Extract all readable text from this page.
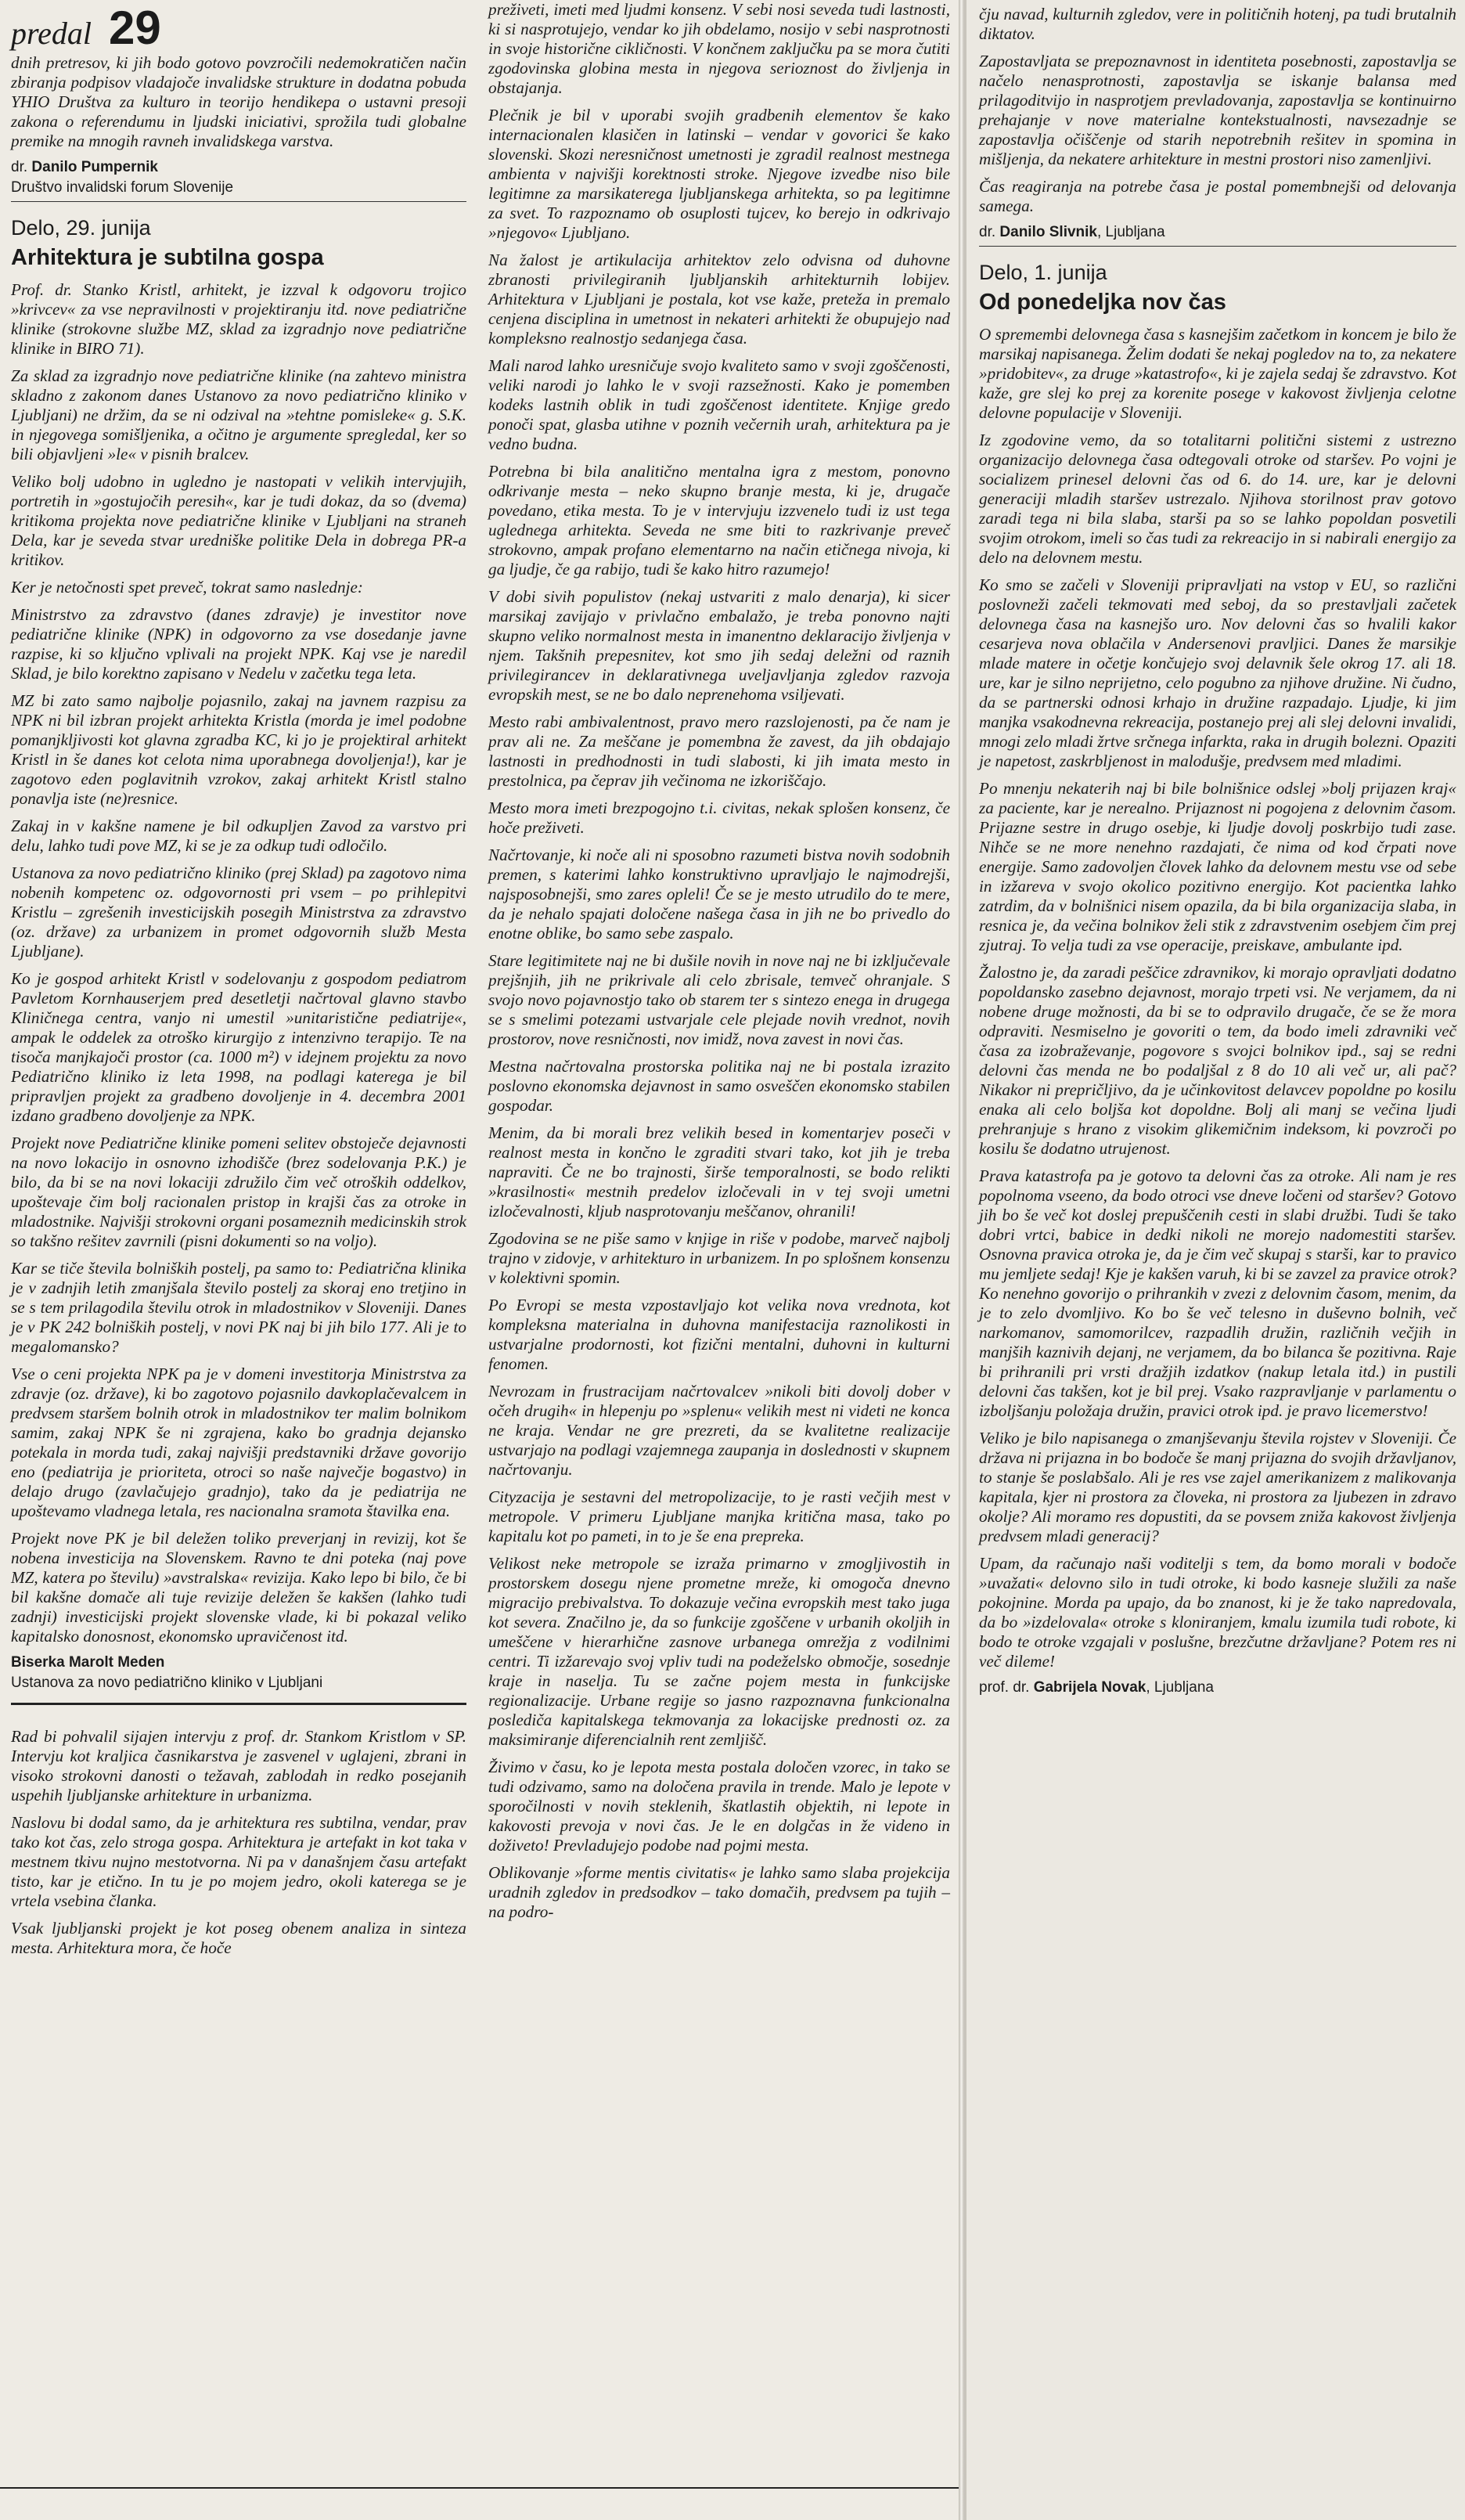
predal 29

dnih pretresov, ki jih bodo gotovo povzročili nedemokratičen način zbiranja podpisov vladajoče invalidske strukture in dodatna pobuda YHIO Društva za kulturo in teorijo hendikepa o ustavni presoji zakona o referendumu in ljudski iniciativi, sprožila tudi globalne premike na mnogih ravneh invalidskega varstva.

dr. Danilo Pumpernik
Društvo invalidski forum Slovenije
Delo, 29. junija
Arhitektura je subtilna gospa

Prof. dr. Stanko Kristl, arhitekt, je izzval k odgovoru trojico »krivcev« za vse nepravilnosti v projektiranju itd. nove pediatrične klinike (strokovne službe MZ, sklad za izgradnjo nove pediatrične klinike in BIRO 71).

Za sklad za izgradnjo nove pediatrične klinike (na zahtevo ministra skladno z zakonom danes Ustanovo za novo pediatrično kliniko v Ljubljani) ne držim, da se ni odzival na »tehtne pomisleke« g. S.K. in njegovega somišljenika, a očitno je argumente spregledal, ker so bili objavljeni »le« v pisnih bralcev.

Veliko bolj udobno in ugledno je nastopati v velikih intervjujih, portretih in »gostujočih peresih«, kar je tudi dokaz, da so (dvema) kritikoma projekta nove pediatrične klinike v Ljubljani na straneh Dela, kar je seveda stvar uredniške politike Dela in dobrega PR-a kritikov.

Ker je netočnosti spet preveč, tokrat samo naslednje:

Ministrstvo za zdravstvo (danes zdravje) je investitor nove pediatrične klinike (NPK) in odgovorno za vse dosedanje javne razpise, ki so ključno vplivali na projekt NPK. Kaj vse je naredil Sklad, je bilo korektno zapisano v Nedelu v začetku tega leta.

MZ bi zato samo najbolje pojasnilo, zakaj na javnem razpisu za NPK ni bil izbran projekt arhitekta Kristla (morda je imel podobne pomanjkljivosti kot glavna zgradba KC, ki jo je projektiral arhitekt Kristl in še danes kot celota nima uporabnega dovoljenja!), kar je zagotovo eden poglavitnih vzrokov, zakaj arhitekt Kristl stalno ponavlja iste (ne)resnice.

Zakaj in v kakšne namene je bil odkupljen Zavod za varstvo pri delu, lahko tudi pove MZ, ki se je za odkup tudi odločilo.

Ustanova za novo pediatrično kliniko (prej Sklad) pa zagotovo nima nobenih kompetenc oz. odgovornosti pri vsem – po prihlepitvi Kristlu – zgrešenih investicijskih posegih Ministrstva za zdravstvo (oz. države) za urbanizem in promet odgovornih služb Mesta Ljubljane).

Ko je gospod arhitekt Kristl v sodelovanju z gospodom pediatrom Pavletom Kornhauserjem pred desetletji načrtoval glavno stavbo Kliničnega centra, vanjo ni umestil »unitaristične pediatrije«, ampak le oddelek za otroško kirurgijo z intenzivno terapijo. Te na tisoča manjkajoči prostor (ca. 1000 m²) v idejnem projektu za novo Pediatrično kliniko iz leta 1998, na podlagi katerega je bil pripravljen projekt za gradbeno dovoljenje in 4. decembra 2001 izdano gradbeno dovoljenje za NPK.

Projekt nove Pediatrične klinike pomeni selitev obstoječe dejavnosti na novo lokacijo in osnovno izhodišče (brez sodelovanja P.K.) je bilo, da bi se na novi lokaciji združilo čim več otroških oddelkov, upoštevaje čim bolj racionalen pristop in krajši čas za otroke in mladostnike. Najvišji strokovni organi posameznih medicinskih strok so takšno rešitev zavrnili (pisni dokumenti so na voljo).

Kar se tiče števila bolniških postelj, pa samo to: Pediatrična klinika je v zadnjih letih zmanjšala število postelj za skoraj eno tretjino in se s tem prilagodila številu otrok in mladostnikov v Sloveniji. Danes je v PK 242 bolniških postelj, v novi PK naj bi jih bilo 177. Ali je to megalomansko?

Vse o ceni projekta NPK pa je v domeni investitorja Ministrstva za zdravje (oz. države), ki bo zagotovo pojasnilo davkoplačevalcem in predvsem staršem bolnih otrok in mladostnikov ter malim bolnikom samim, zakaj NPK še ni zgrajena, kako bo gradnja dejansko potekala in morda tudi, zakaj najvišji predstavniki države govorijo eno (pediatrija je prioriteta, otroci so naše največje bogastvo) in delajo drugo (zavlačujejo gradnjo), tako da je pediatrija ne upoštevamo vladnega letala, res nacionalna sramota štavilka ena.

Projekt nove PK je bil deležen toliko preverjanj in revizij, kot še nobena investicija na Slovenskem. Ravno te dni poteka (naj pove MZ, katera po številu) »avstralska« revizija. Kako lepo bi bilo, če bi bil kakšne domače ali tuje revizije deležen še kakšen (lahko tudi zadnji) investicijski projekt slovenske vlade, ki bi pokazal veliko kapitalsko donosnost, ekonomsko upravičenost itd.

Biserka Marolt Meden
Ustanova za novo pediatrično kliniko v Ljubljani

Rad bi pohvalil sijajen intervju z prof. dr. Stankom Kristlom v SP. Intervju kot kraljica časnikarstva je zasvenel v uglajeni, zbrani in visoko strokovni danosti o težavah, zablodah in redko posejanih uspehih ljubljanske arhitekture in urbanizma.

Naslovu bi dodal samo, da je arhitektura res subtilna, vendar, prav tako kot čas, zelo stroga gospa. Arhitektura je artefakt in kot taka v mestnem tkivu nujno mestotvorna. Ni pa v današnjem času artefakt tisto, kar je etično. In tu je po mojem jedro, okoli katerega se je vrtela vsebina članka.

Vsak ljubljanski projekt je kot poseg obenem analiza in sinteza mesta. Arhitektura mora, če hoče

preživeti, imeti med ljudmi konsenz. V sebi nosi seveda tudi lastnosti, ki si nasprotujejo, vendar ko jih obdelamo, nosijo v sebi nasprotnosti in svoje historične cikličnosti. V končnem zaključku pa se mora čutiti zgodovinska globina mesta in njegova serioznost do življenja in obstajanja.

Plečnik je bil v uporabi svojih gradbenih elementov še kako internacionalen klasičen in latinski – vendar v govorici še kako slovenski. Skozi neresničnost umetnosti je zgradil realnost mestnega ambienta v najvišji korektnosti stroke. Njegove izvedbe niso bile legitimne za marsikaterega ljubljanskega arhitekta, so pa legitimne za svet. To razpoznamo ob osuplosti tujcev, ko berejo in odkrivajo »njegovo« Ljubljano.

Na žalost je artikulacija arhitektov zelo odvisna od duhovne zbranosti privilegiranih ljubljanskih arhitekturnih lobijev. Arhitektura v Ljubljani je postala, kot vse kaže, preteža in premalo cenjena disciplina in umetnost in nekateri arhitekti že obupujejo nad kompleksno realnostjo sedanjega časa.

Mali narod lahko uresničuje svojo kvaliteto samo v svoji zgoščenosti, veliki narodi jo lahko le v svoji razsežnosti. Kako je pomemben kodeks lastnih oblik in tudi zgoščenost identitete. Knjige gredo ponoči spat, glasba utihne v poznih večernih urah, arhitektura pa je vedno budna.

Potrebna bi bila analitično mentalna igra z mestom, ponovno odkrivanje mesta – neko skupno branje mesta, ki je, drugače povedano, etika mesta. To je v intervjuju izzvenelo tudi iz ust tega uglednega arhitekta. Seveda ne sme biti to razkrivanje preveč strokovno, ampak profano elementarno na način etičnega nivoja, ki ga ljudje, če ga rabijo, tudi še kako hitro razumejo!

V dobi sivih populistov (nekaj ustvariti z malo denarja), ki sicer marsikaj zavijajo v privlačno embalažo, je treba ponovno najti skupno veliko normalnost mesta in imanentno deklaracijo življenja v njem. Takšnih prepesnitev, kot smo jih sedaj deležni od raznih privilegirancev in deklarativnega uveljavljanja zgledov razvoja evropskih mest, se ne bo dalo neprenehoma vsiljevati.

Mesto rabi ambivalentnost, pravo mero razslojenosti, pa če nam je prav ali ne. Za meščane je pomembna že zavest, da jih obdajajo lastnosti in predhodnosti in tudi slabosti, ki jih imata mesto in prestolnica, pa čeprav jih večinoma ne izkoriščajo.

Mesto mora imeti brezpogojno t.i. civitas, nekak splošen konsenz, če hoče preživeti.

Načrtovanje, ki noče ali ni sposobno razumeti bistva novih sodobnih premen, s katerimi lahko konstruktivno upravljajo le najmodrejši, najsposobnejši, smo zares opleli! Če se je mesto utrudilo do te mere, da je nehalo spajati določene našega časa in jih ne bo privedlo do enotne oblike, bo samo sebe zaspalo.

Stare legitimitete naj ne bi dušile novih in nove naj ne bi izključevale prejšnjih, jih ne prikrivale ali celo zbrisale, temveč ohranjale. S svojo novo pojavnostjo tako ob starem ter s sintezo enega in drugega se s smelimi potezami ustvarjale cele plejade novih vrednot, novih prostorov, nove resničnosti, nov imidž, nova zavest in novi čas.

Mestna načrtovalna prostorska politika naj ne bi postala izrazito poslovno ekonomska dejavnost in samo osveščen ekonomsko stabilen gospodar.

Menim, da bi morali brez velikih besed in komentarjev poseči v realnost mesta in končno le zgraditi stvari tako, kot jih je treba napraviti. Če ne bo trajnosti, širše temporalnosti, se bodo relikti »krasilnosti« mestnih predelov izločevali in v tej svoji umetni izločevalnosti, kljub nasprotovanju meščanov, ohranili!

Zgodovina se ne piše samo v knjige in riše v podobe, marveč najbolj trajno v zidovje, v arhitekturo in urbanizem. In po splošnem konsenzu v kolektivni spomin.

Po Evropi se mesta vzpostavljajo kot velika nova vrednota, kot kompleksna materialna in duhovna manifestacija raznolikosti in ustvarjalne prodornosti, kot fizični mentalni, duhovni in kulturni fenomen.

Nevrozam in frustracijam načrtovalcev »nikoli biti dovolj dober v očeh drugih« in hlepenju po »splenu« velikih mest ni videti ne konca ne kraja. Vendar ne gre prezreti, da se kvalitetne realizacije ustvarjajo na podlagi vzajemnega zaupanja in doslednosti v skupnem načrtovanju.

Cityzacija je sestavni del metropolizacije, to je rasti večjih mest v metropole. V primeru Ljubljane manjka kritična masa, tako po kapitalu kot po pameti, in to je še ena prepreka.

Velikost neke metropole se izraža primarno v zmogljivostih in prostorskem dosegu njene prometne mreže, ki omogoča dnevno migracijo prebivalstva. To dokazuje večina evropskih mest tako juga kot severa. Značilno je, da so funkcije zgoščene v urbanih okoljih in umeščene v hierarhične zasnove urbanega omrežja z vodilnimi centri. Ti izžarevajo svoj vpliv tudi na podeželsko območje, sosednje kraje in naselja. Tu se začne pojem mesta in funkcijske regionalizacije. Urbane regije so jasno razpoznavna funkcionalna poslediča kapitalskega tekmovanja za lokacijske prednosti oz. za maksimiranje diferencialnih rent zemljišč.

Živimo v času, ko je lepota mesta postala določen vzorec, in tako se tudi odzivamo, samo na določena pravila in trende. Malo je lepote v sporočilnosti v novih steklenih, škatlastih objektih, ni lepote in kakovosti prevoja v novi čas. Je le en dolgčas in že videno in doživeto! Prevladujejo podobe nad pojmi mesta.

Oblikovanje »forme mentis civitatis« je lahko samo slaba projekcija uradnih zgledov in predsodkov – tako domačih, predvsem pa tujih – na podro-

čju navad, kulturnih zgledov, vere in političnih hotenj, pa tudi brutalnih diktatov.

Zapostavljata se prepoznavnost in identiteta posebnosti, zapostavlja se načelo nenasprotnosti, zapostavlja se iskanje balansa med prilagoditvijo in nasprotjem prevladovanja, zapostavlja se kontinuirno prehajanje v nove materialne kontekstualnosti, navsezadnje se zapostavlja očiščenje od starih nepotrebnih rešitev in spomina in mišljenja, da nekatere arhitekture in mestni prostori niso zamenljivi.

Čas reagiranja na potrebe časa je postal pomembnejši od delovanja samega.

dr. Danilo Slivnik, Ljubljana
Delo, 1. junija
Od ponedeljka nov čas

O spremembi delovnega časa s kasnejšim začetkom in koncem je bilo že marsikaj napisanega. Želim dodati še nekaj pogledov na to, za nekatere »pridobitev«, za druge »katastrofo«, ki je zajela sedaj še zdravstvo. Kot kaže, gre slej ko prej za korenite posege v kakovost življenja celotne delovne populacije v Sloveniji.

Iz zgodovine vemo, da so totalitarni politični sistemi z ustrezno organizacijo delovnega časa odtegovali otroke od staršev. Po vojni je socializem prinesel delovni čas od 6. do 14. ure, kar je delovni generaciji mladih staršev ustrezalo. Njihova storilnost prav gotovo zaradi tega ni bila slaba, starši pa so se lahko popoldan posvetili svojim otrokom, imeli so čas tudi za rekreacijo in si nabirali energijo za delo na delovnem mestu.

Ko smo se začeli v Sloveniji pripravljati na vstop v EU, so različni poslovneži začeli tekmovati med seboj, da so prestavljali začetek delovnega časa na kasnejšo uro. Nov delovni čas so hvalili kakor cesarjeva nova oblačila v Andersenovi pravljici. Danes že marsikje mlade matere in očetje končujejo svoj delavnik šele okrog 17. ali 18. ure, kar je silno neprijetno, celo pogubno za njihove družine. Ni čudno, da se partnerski odnosi krhajo in družine razpadajo. Ljudje, ki jim manjka vsakodnevna rekreacija, postanejo prej ali slej delovni invalidi, mnogi zelo mladi žrtve srčnega infarkta, raka in drugih bolezni. Opaziti je napetost, zaskrbljenost in malodušje, predvsem med mladimi.

Po mnenju nekaterih naj bi bile bolnišnice odslej »bolj prijazen kraj« za paciente, kar je nerealno. Prijaznost ni pogojena z delovnim časom. Prijazne sestre in drugo osebje, ki ljudje dovolj poskrbijo tudi zase. Nihče se ne more nenehno razdajati, če nima od kod črpati nove energije. Samo zadovoljen človek lahko da delovnem mestu vse od sebe in izžareva v svojo okolico pozitivno energijo. Kot pacientka lahko zatrdim, da v bolnišnici nisem opazila, da bi bila organizacija slaba, in resnica je, da večina bolnikov želi stik z zdravstvenim osebjem čim prej zjutraj. To velja tudi za vse operacije, preiskave, ambulante ipd.

Žalostno je, da zaradi peščice zdravnikov, ki morajo opravljati dodatno popoldansko zasebno dejavnost, morajo trpeti vsi. Ne verjamem, da ni nobene druge možnosti, da bi se to odpravilo drugače, če se že mora odpraviti. Nesmiselno je govoriti o tem, da bodo imeli zdravniki več časa za izobraževanje, pogovore s svojci bolnikov ipd., saj se redni delovni čas menda ne bo podaljšal z 8 do 10 ali več ur, ali pač? Nikakor ni prepričljivo, da je učinkovitost delavcev popoldne po kosilu enaka ali celo boljša kot dopoldne. Bolj ali manj se večina ljudi prehranjuje s hrano z visokim glikemičnim indeksom, ki povzroči po kosilu še dodatno utrujenost.

Prava katastrofa pa je gotovo ta delovni čas za otroke. Ali nam je res popolnoma vseeno, da bodo otroci vse dneve ločeni od staršev? Gotovo jih bo še več kot doslej prepuščenih cesti in slabi družbi. Tudi še tako dobri vrtci, babice in dedki nikoli ne morejo nadomestiti staršev. Osnovna pravica otroka je, da je čim več skupaj s starši, kar to pravico mu jemljete sedaj! Kje je kakšen varuh, ki bi se zavzel za pravice otrok? Ko nenehno govorijo o prihrankih v zvezi z delovnim časom, menim, da je to zelo dvomljivo. Ko bo še več telesno in duševno bolnih, več narkomanov, samomorilcev, razpadlih družin, različnih večjih in manjših kaznivih dejanj, ne verjamem, da bo bilanca še pozitivna. Raje bi prihranili pri vrsti dražjih izdatkov (nakup letala itd.) in pustili delovni čas takšen, kot je bil prej. Vsako razpravljanje v parlamentu o izboljšanju položaja družin, pravici otrok ipd. je pravo licemerstvo!

Veliko je bilo napisanega o zmanjševanju števila rojstev v Sloveniji. Če država ni prijazna in bo bodoče še manj prijazna do svojih državljanov, to stanje še poslabšalo. Ali je res vse zajel amerikanizem z malikovanja kapitala, kjer ni prostora za človeka, ni prostora za ljubezen in zdravo okolje? Ali moramo res dopustiti, da se povsem zniža kakovost življenja predvsem mladi generacij?

Upam, da računajo naši voditelji s tem, da bomo morali v bodoče »uvažati« delovno silo in tudi otroke, ki bodo kasneje služili za naše pokojnine. Morda pa upajo, da bo znanost, ki je že tako napredovala, da bo »izdelovala« otroke s kloniranjem, kmalu izumila tudi robote, ki bodo te otroke vzgajali v poslušne, brezčutne državljane? Potem res ni več dileme!

prof. dr. Gabrijela Novak, Ljubljana
